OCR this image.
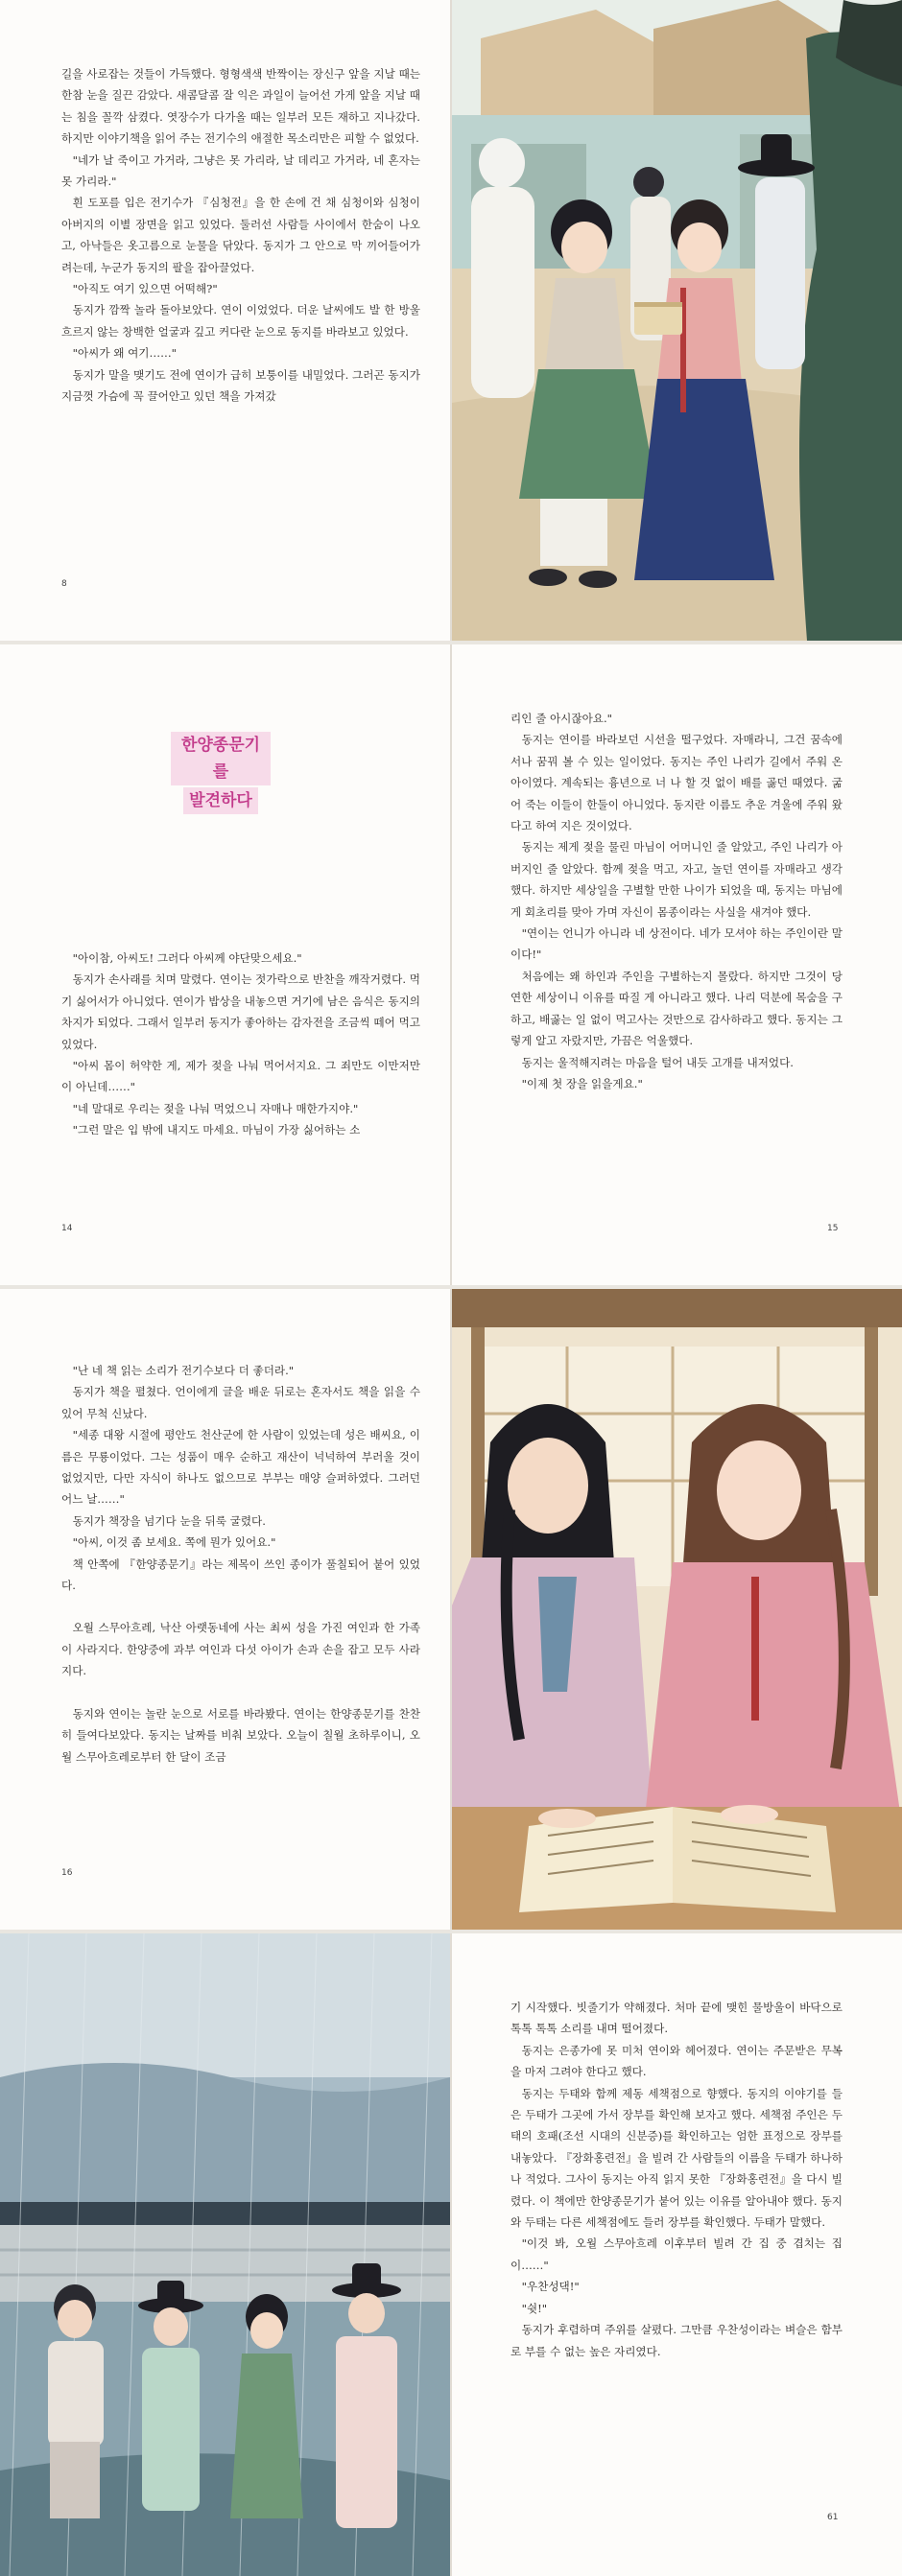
길을 사로잡는 것들이 가득했다. 형형색색 반짝이는 장신구 앞을 지날 때는 한참 눈을 질끈 감았다. 새콤달콤 잘 익은 과일이 늘어선 가게 앞을 지날 때는 침을 꼴깍 삼켰다. 엿장수가 다가올 때는 일부러 모든 재하고 지나갔다. 하지만 이야기책을 읽어 주는 전기수의 애절한 목소리만은 피할 수 없었다.

"네가 날 죽이고 가거라, 그냥은 못 가리라, 날 데리고 가거라, 네 혼자는 못 가리라."

흰 도포를 입은 전기수가 『심청전』을 한 손에 건 채 심청이와 심청이 아버지의 이별 장면을 읽고 있었다. 둘러선 사람들 사이에서 한숨이 나오고, 아낙들은 옷고름으로 눈물을 닦았다. 동지가 그 안으로 막 끼어들어가려는데, 누군가 동지의 팔을 잡아끌었다.

"아직도 여기 있으면 어떡해?"

동지가 깜짝 놀라 돌아보았다. 연이 이었었다. 더운 날씨에도 발 한 방울 흐르지 않는 창백한 얼굴과 깊고 커다란 눈으로 동지를 바라보고 있었다.

"아씨가 왜 여기……"

동지가 말을 맺기도 전에 연이가 급히 보퉁이를 내밀었다. 그러곤 동지가 지금껏 가슴에 꼭 끌어안고 있던 책을 가져갔

8
한양종문기를
발견하다

"아이참, 아씨도! 그러다 아씨께 야단맞으세요."

동지가 손사래를 치며 말렸다. 연이는 젓가락으로 반찬을 깨작거렸다. 먹기 싫어서가 아니었다. 연이가 밥상을 내놓으면 거기에 남은 음식은 동지의 차지가 되었다. 그래서 일부러 동지가 좋아하는 감자전을 조금씩 떼어 먹고 있었다.

"아씨 몸이 허약한 게, 제가 젖을 나눠 먹어서지요. 그 죄만도 이만저만이 아닌데……"

"네 말대로 우리는 젖을 나눠 먹었으니 자매나 매한가지야."

"그런 말은 입 밖에 내지도 마세요. 마님이 가장 싫어하는 소

14

리인 줄 아시잖아요."

동지는 연이를 바라보던 시선을 떨구었다. 자매라니, 그건 꿈속에서나 꿈꿔 볼 수 있는 일이었다. 동지는 주인 나리가 길에서 주워 온 아이였다. 계속되는 흉년으로 너 나 할 것 없이 배를 곯던 때였다. 굶어 죽는 이들이 한둘이 아니었다. 동지란 이름도 추운 겨울에 주워 왔다고 하여 지은 것이었다.

동지는 제게 젖을 물린 마님이 어머니인 줄 알았고, 주인 나리가 아버지인 줄 알았다. 함께 젖을 먹고, 자고, 놀던 연이를 자매라고 생각했다. 하지만 세상일을 구별할 만한 나이가 되었을 때, 동지는 마님에게 회초리를 맞아 가며 자신이 몸종이라는 사실을 새겨야 했다.

"연이는 언니가 아니라 네 상전이다. 네가 모셔야 하는 주인이란 말이다!"

처음에는 왜 하인과 주인을 구별하는지 몰랐다. 하지만 그것이 당연한 세상이니 이유를 따질 게 아니라고 했다. 나리 덕분에 목숨을 구하고, 배곯는 일 없이 먹고사는 것만으로 감사하라고 했다. 동지는 그렇게 알고 자랐지만, 가끔은 억울했다.

동지는 울적해지려는 마음을 털어 내듯 고개를 내저었다.

"이제 첫 장을 읽을게요."

15

"난 네 책 읽는 소리가 전기수보다 더 좋더라."

동지가 책을 펼쳤다. 언이에게 글을 배운 뒤로는 혼자서도 책을 읽을 수 있어 무척 신났다.

"세종 대왕 시절에 평안도 천산군에 한 사람이 있었는데 성은 배씨요, 이름은 무룡이었다. 그는 성품이 매우 순하고 재산이 넉넉하여 부러울 것이 없었지만, 다만 자식이 하나도 없으므로 부부는 매양 슬퍼하였다. 그러던 어느 날……"

동지가 책장을 넘기다 눈을 뒤룩 굴렸다.

"아씨, 이것 좀 보세요. 쪽에 뭔가 있어요."

책 안쪽에 『한양종문기』라는 제목이 쓰인 종이가 풀칠되어 붙어 있었다.

오월 스무아흐레, 낙산 아랫동네에 사는 최씨 성을 가진 여인과 한 가족이 사라지다. 한양중에 과부 여인과 다섯 아이가 손과 손을 잡고 모두 사라지다.

동지와 연이는 놀란 눈으로 서로를 바라봤다. 연이는 한양종문기를 찬찬히 들여다보았다. 동지는 날짜를 비춰 보았다. 오늘이 칠월 초하루이니, 오월 스무아흐레로부터 한 달이 조금

16

기 시작했다. 빗줄기가 약해졌다. 처마 끝에 맺힌 물방울이 바닥으로 톡톡 톡톡 소리를 내며 떨어졌다.

동지는 은종가에 못 미처 연이와 헤어졌다. 연이는 주문받은 무복을 마저 그려야 한다고 했다.

동지는 두태와 함께 제동 세책점으로 향했다. 동지의 이야기를 들은 두태가 그곳에 가서 장부를 확인해 보자고 했다. 세책점 주인은 두태의 호패(조선 시대의 신분증)를 확인하고는 엄한 표정으로 장부를 내놓았다. 『장화홍련전』을 빌려 간 사람들의 이름을 두태가 하나하나 적었다. 그사이 동지는 아직 읽지 못한 『장화홍련전』을 다시 빌렸다. 이 책에만 한양종문기가 붙어 있는 이유를 알아내야 했다. 동지와 두태는 다른 세책점에도 들러 장부를 확인했다. 두태가 말했다.

"이것 봐, 오월 스무아흐레 이후부터 빌려 간 집 중 겹치는 집이……"

"우찬성댁!"

"쉿!"

동지가 후렴하며 주위를 살폈다. 그만큼 우찬성이라는 벼슬은 함부로 부를 수 없는 높은 자리였다.

61
